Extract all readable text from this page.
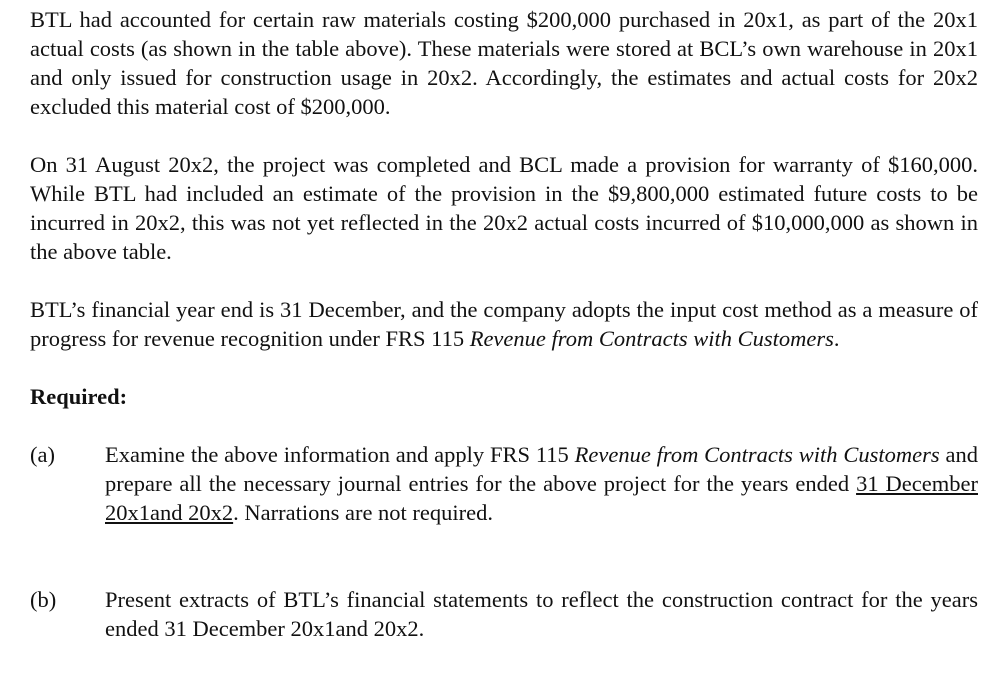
BTL had accounted for certain raw materials costing $200,000 purchased in 20x1, as part of the 20x1 actual costs (as shown in the table above). These materials were stored at BCL’s own warehouse in 20x1 and only issued for construction usage in 20x2. Accordingly, the estimates and actual costs for 20x2 excluded this material cost of $200,000.

On 31 August 20x2, the project was completed and BCL made a provision for warranty of $160,000. While BTL had included an estimate of the provision in the $9,800,000 estimated future costs to be incurred in 20x2, this was not yet reflected in the 20x2 actual costs incurred of $10,000,000 as shown in the above table.

BTL’s financial year end is 31 December, and the company adopts the input cost method as a measure of progress for revenue recognition under FRS 115 Revenue from Contracts with Customers.

Required:

(a)	Examine the above information and apply FRS 115 Revenue from Contracts with Customers and prepare all the necessary journal entries for the above project for the years ended 31 December 20x1and 20x2. Narrations are not required.
(b)	Present extracts of BTL’s financial statements to reflect the construction contract for the years ended 31 December 20x1and 20x2.
